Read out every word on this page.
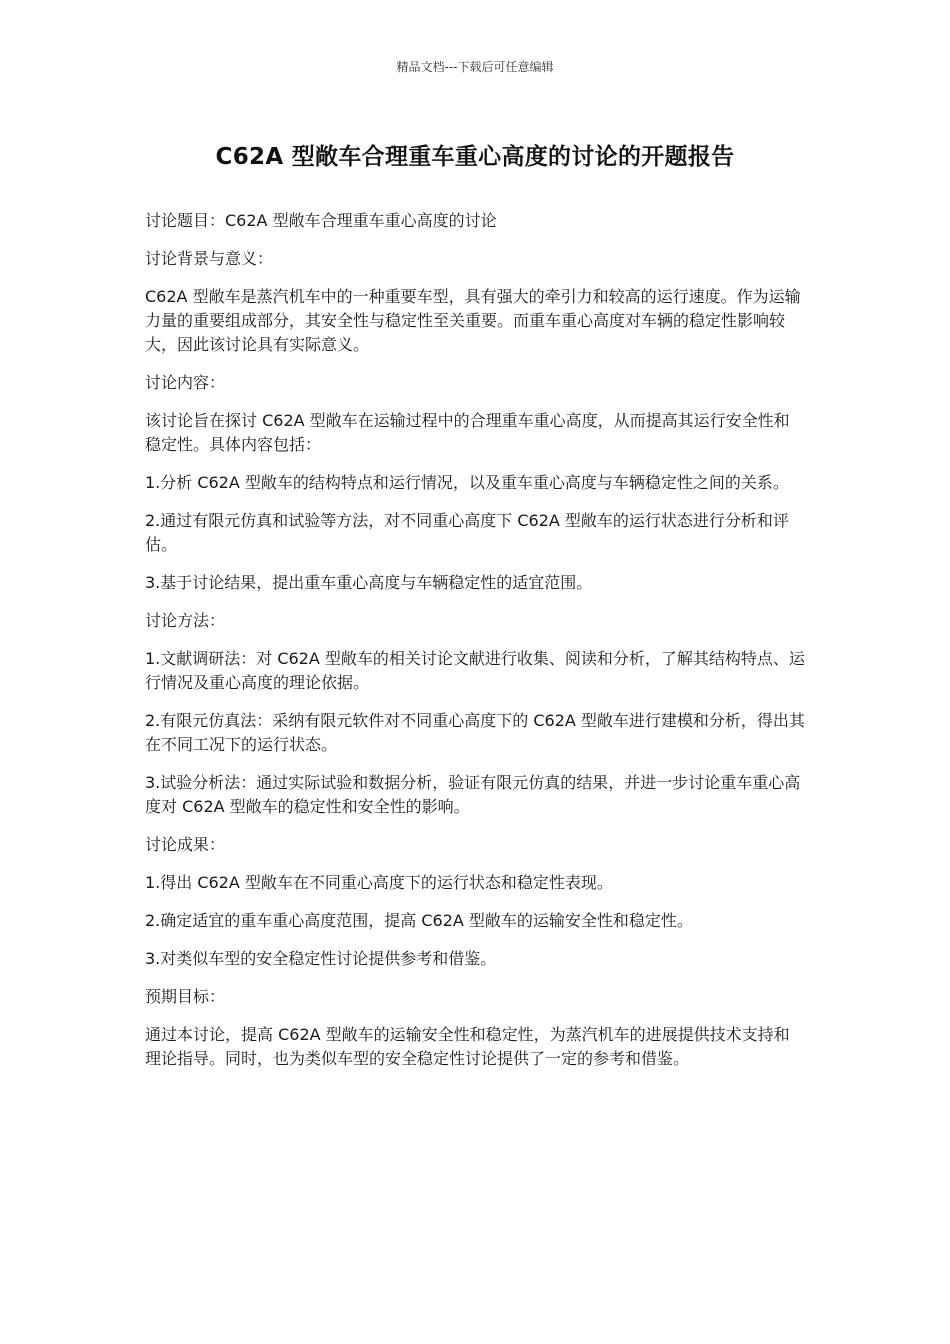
精品文档---下载后可任意编辑
C62A 型敞车合理重车重心高度的讨论的开题报告

讨论题目：C62A 型敞车合理重车重心高度的讨论

讨论背景与意义：

C62A 型敞车是蒸汽机车中的一种重要车型，具有强大的牵引力和较高的运行速度。作为运输力量的重要组成部分，其安全性与稳定性至关重要。而重车重心高度对车辆的稳定性影响较大，因此该讨论具有实际意义。

讨论内容：

该讨论旨在探讨 C62A 型敞车在运输过程中的合理重车重心高度，从而提高其运行安全性和稳定性。具体内容包括：

1.分析 C62A 型敞车的结构特点和运行情况，以及重车重心高度与车辆稳定性之间的关系。

2.通过有限元仿真和试验等方法，对不同重心高度下 C62A 型敞车的运行状态进行分析和评估。

3.基于讨论结果，提出重车重心高度与车辆稳定性的适宜范围。

讨论方法：

1.文献调研法：对 C62A 型敞车的相关讨论文献进行收集、阅读和分析，了解其结构特点、运行情况及重心高度的理论依据。

2.有限元仿真法：采纳有限元软件对不同重心高度下的 C62A 型敞车进行建模和分析，得出其在不同工况下的运行状态。

3.试验分析法：通过实际试验和数据分析，验证有限元仿真的结果，并进一步讨论重车重心高度对 C62A 型敞车的稳定性和安全性的影响。

讨论成果：

1.得出 C62A 型敞车在不同重心高度下的运行状态和稳定性表现。

2.确定适宜的重车重心高度范围，提高 C62A 型敞车的运输安全性和稳定性。

3.对类似车型的安全稳定性讨论提供参考和借鉴。

预期目标：

通过本讨论，提高 C62A 型敞车的运输安全性和稳定性，为蒸汽机车的进展提供技术支持和理论指导。同时，也为类似车型的安全稳定性讨论提供了一定的参考和借鉴。
